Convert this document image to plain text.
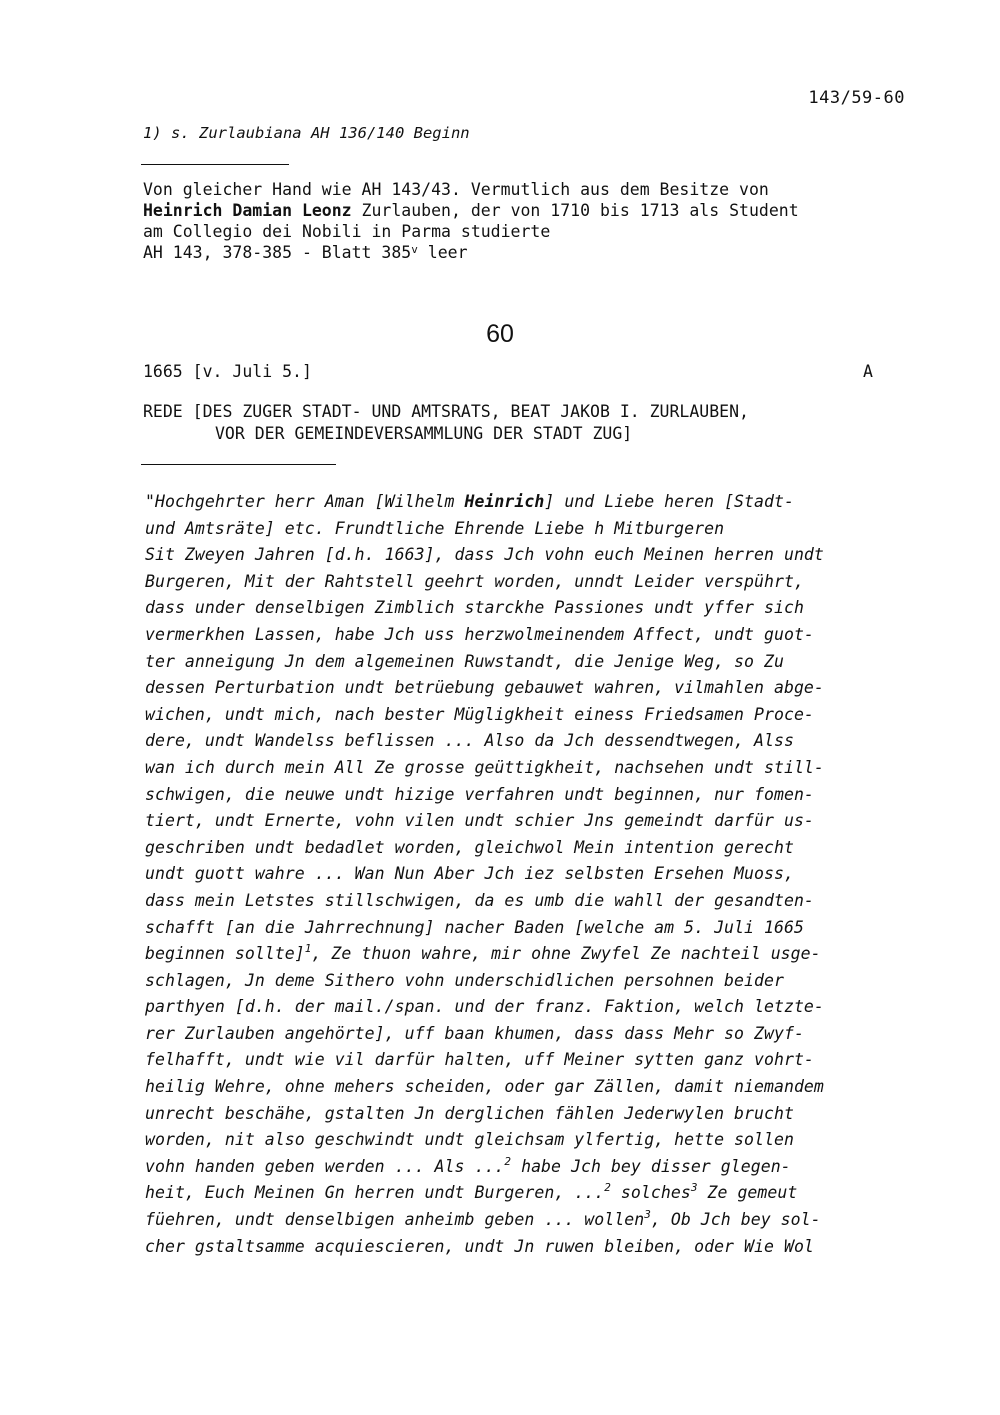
143/59-60
1) s. Zurlaubiana AH 136/140 Beginn
Von gleicher Hand wie AH 143/43. Vermutlich aus dem Besitze von
Heinrich Damian Leonz Zurlauben, der von 1710 bis 1713 als Student
am Collegio dei Nobili in Parma studierte
AH 143, 378-385 - Blatt 385$^v$ leer
60
1665 [v. Juli 5.]	A
REDE [DES ZUGER STADT- UND AMTSRATS, BEAT JAKOB I. ZURLAUBEN,
VOR DER GEMEINDEVERSAMMLUNG DER STADT ZUG]
"Hochgehrter herr Aman [Wilhelm Heinrich] und Liebe heren [Stadt-
und Amtsräte] etc. Frundtliche Ehrende Liebe h Mitburgeren
Sit Zweyen Jahren [d.h. 1663], dass Jch vohn euch Meinen herren undt
Burgeren, Mit der Rahtstell geehrt worden, unndt Leider verspührt,
dass under denselbigen Zimblich starckhe Passiones undt yffer sich
vermerkhen Lassen, habe Jch uss herzwolmeinendem Affect, undt guot-
ter anneigung Jn dem algemeinen Ruwstandt, die Jenige Weg, so Zu
dessen Perturbation undt betrüebung gebauwet wahren, vilmahlen abge-
wichen, undt mich, nach bester Mügligkheit einess Friedsamen Proce-
dere, undt Wandelss beflissen ... Also da Jch dessendtwegen, Alss
wan ich durch mein All Ze grosse geüttigkheit, nachsehen undt still-
schwigen, die neuwe undt hizige verfahren undt beginnen, nur fomen-
tiert, undt Ernerte, vohn vilen undt schier Jns gemeindt darfür us-
geschriben undt bedadlet worden, gleichwol Mein intention gerecht
undt guott wahre ... Wan Nun Aber Jch iez selbsten Ersehen Muoss,
dass mein Letstes stillschwigen, da es umb die wahll der gesandten-
schafft [an die Jahrrechnung] nacher Baden [welche am 5. Juli 1665
beginnen sollte]$^1$, Ze thuon wahre, mir ohne Zwyfel Ze nachteil usge-
schlagen, Jn deme Sithero vohn underschidlichen persohnen beider
parthyen [d.h. der mail./span. und der franz. Faktion, welch letzte-
rer Zurlauben angehörte], uff baan khumen, dass dass Mehr so Zwyf-
felhafft, undt wie vil darfür halten, uff Meiner sytten ganz vohrt-
heilig Wehre, ohne mehers scheiden, oder gar Zällen, damit niemandem
unrecht beschähe, gstalten Jn derglichen fählen Jederwylen brucht
worden, nit also geschwindt undt gleichsam ylfertig, hette sollen
vohn handen geben werden ... Als ...$^2$ habe Jch bey disser glegen-
heit, Euch Meinen Gn herren undt Burgeren, ...$^2$ solches$^3$ Ze gemeut
füehren, undt denselbigen anheimb geben ... wollen$^3$, Ob Jch bey sol-
cher gstaltsamme acquiescieren, undt Jn ruwen bleiben, oder Wie Wol
